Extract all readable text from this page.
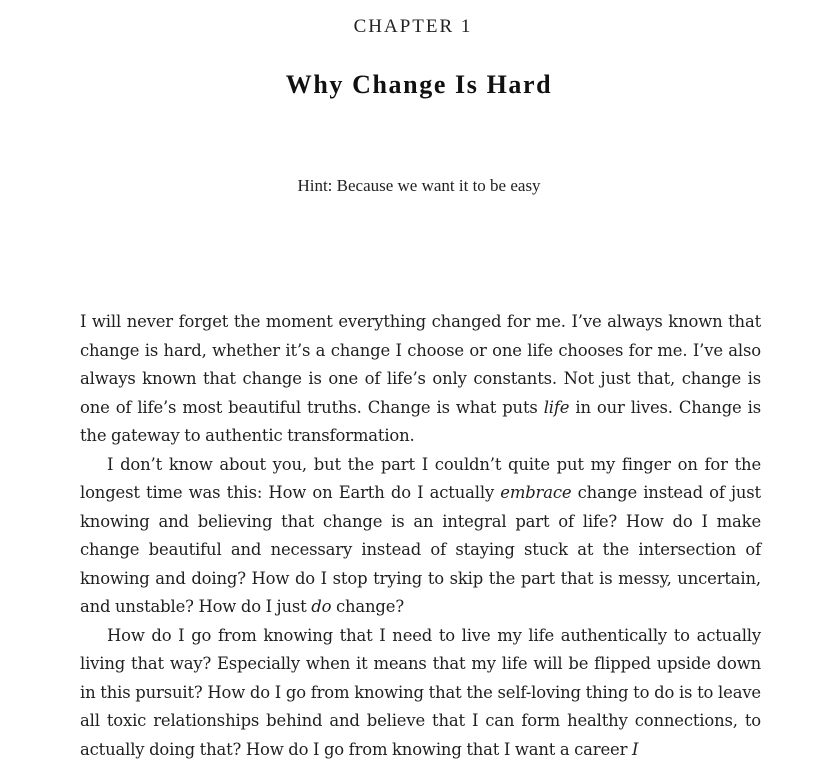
CHAPTER 1
Why Change Is Hard
Hint: Because we want it to be easy

I will never forget the moment everything changed for me. I’ve always known that change is hard, whether it’s a change I choose or one life chooses for me. I’ve also always known that change is one of life’s only constants. Not just that, change is one of life’s most beautiful truths. Change is what puts life in our lives. Change is the gateway to authentic transformation.

I don’t know about you, but the part I couldn’t quite put my finger on for the longest time was this: How on Earth do I actually embrace change instead of just knowing and believing that change is an integral part of life? How do I make change beautiful and necessary instead of staying stuck at the intersection of knowing and doing? How do I stop trying to skip the part that is messy, uncertain, and unstable? How do I just do change?

How do I go from knowing that I need to live my life authentically to actually living that way? Especially when it means that my life will be flipped upside down in this pursuit? How do I go from knowing that the self-loving thing to do is to leave all toxic relationships behind and believe that I can form healthy connections, to actually doing that? How do I go from knowing that I want a career I
